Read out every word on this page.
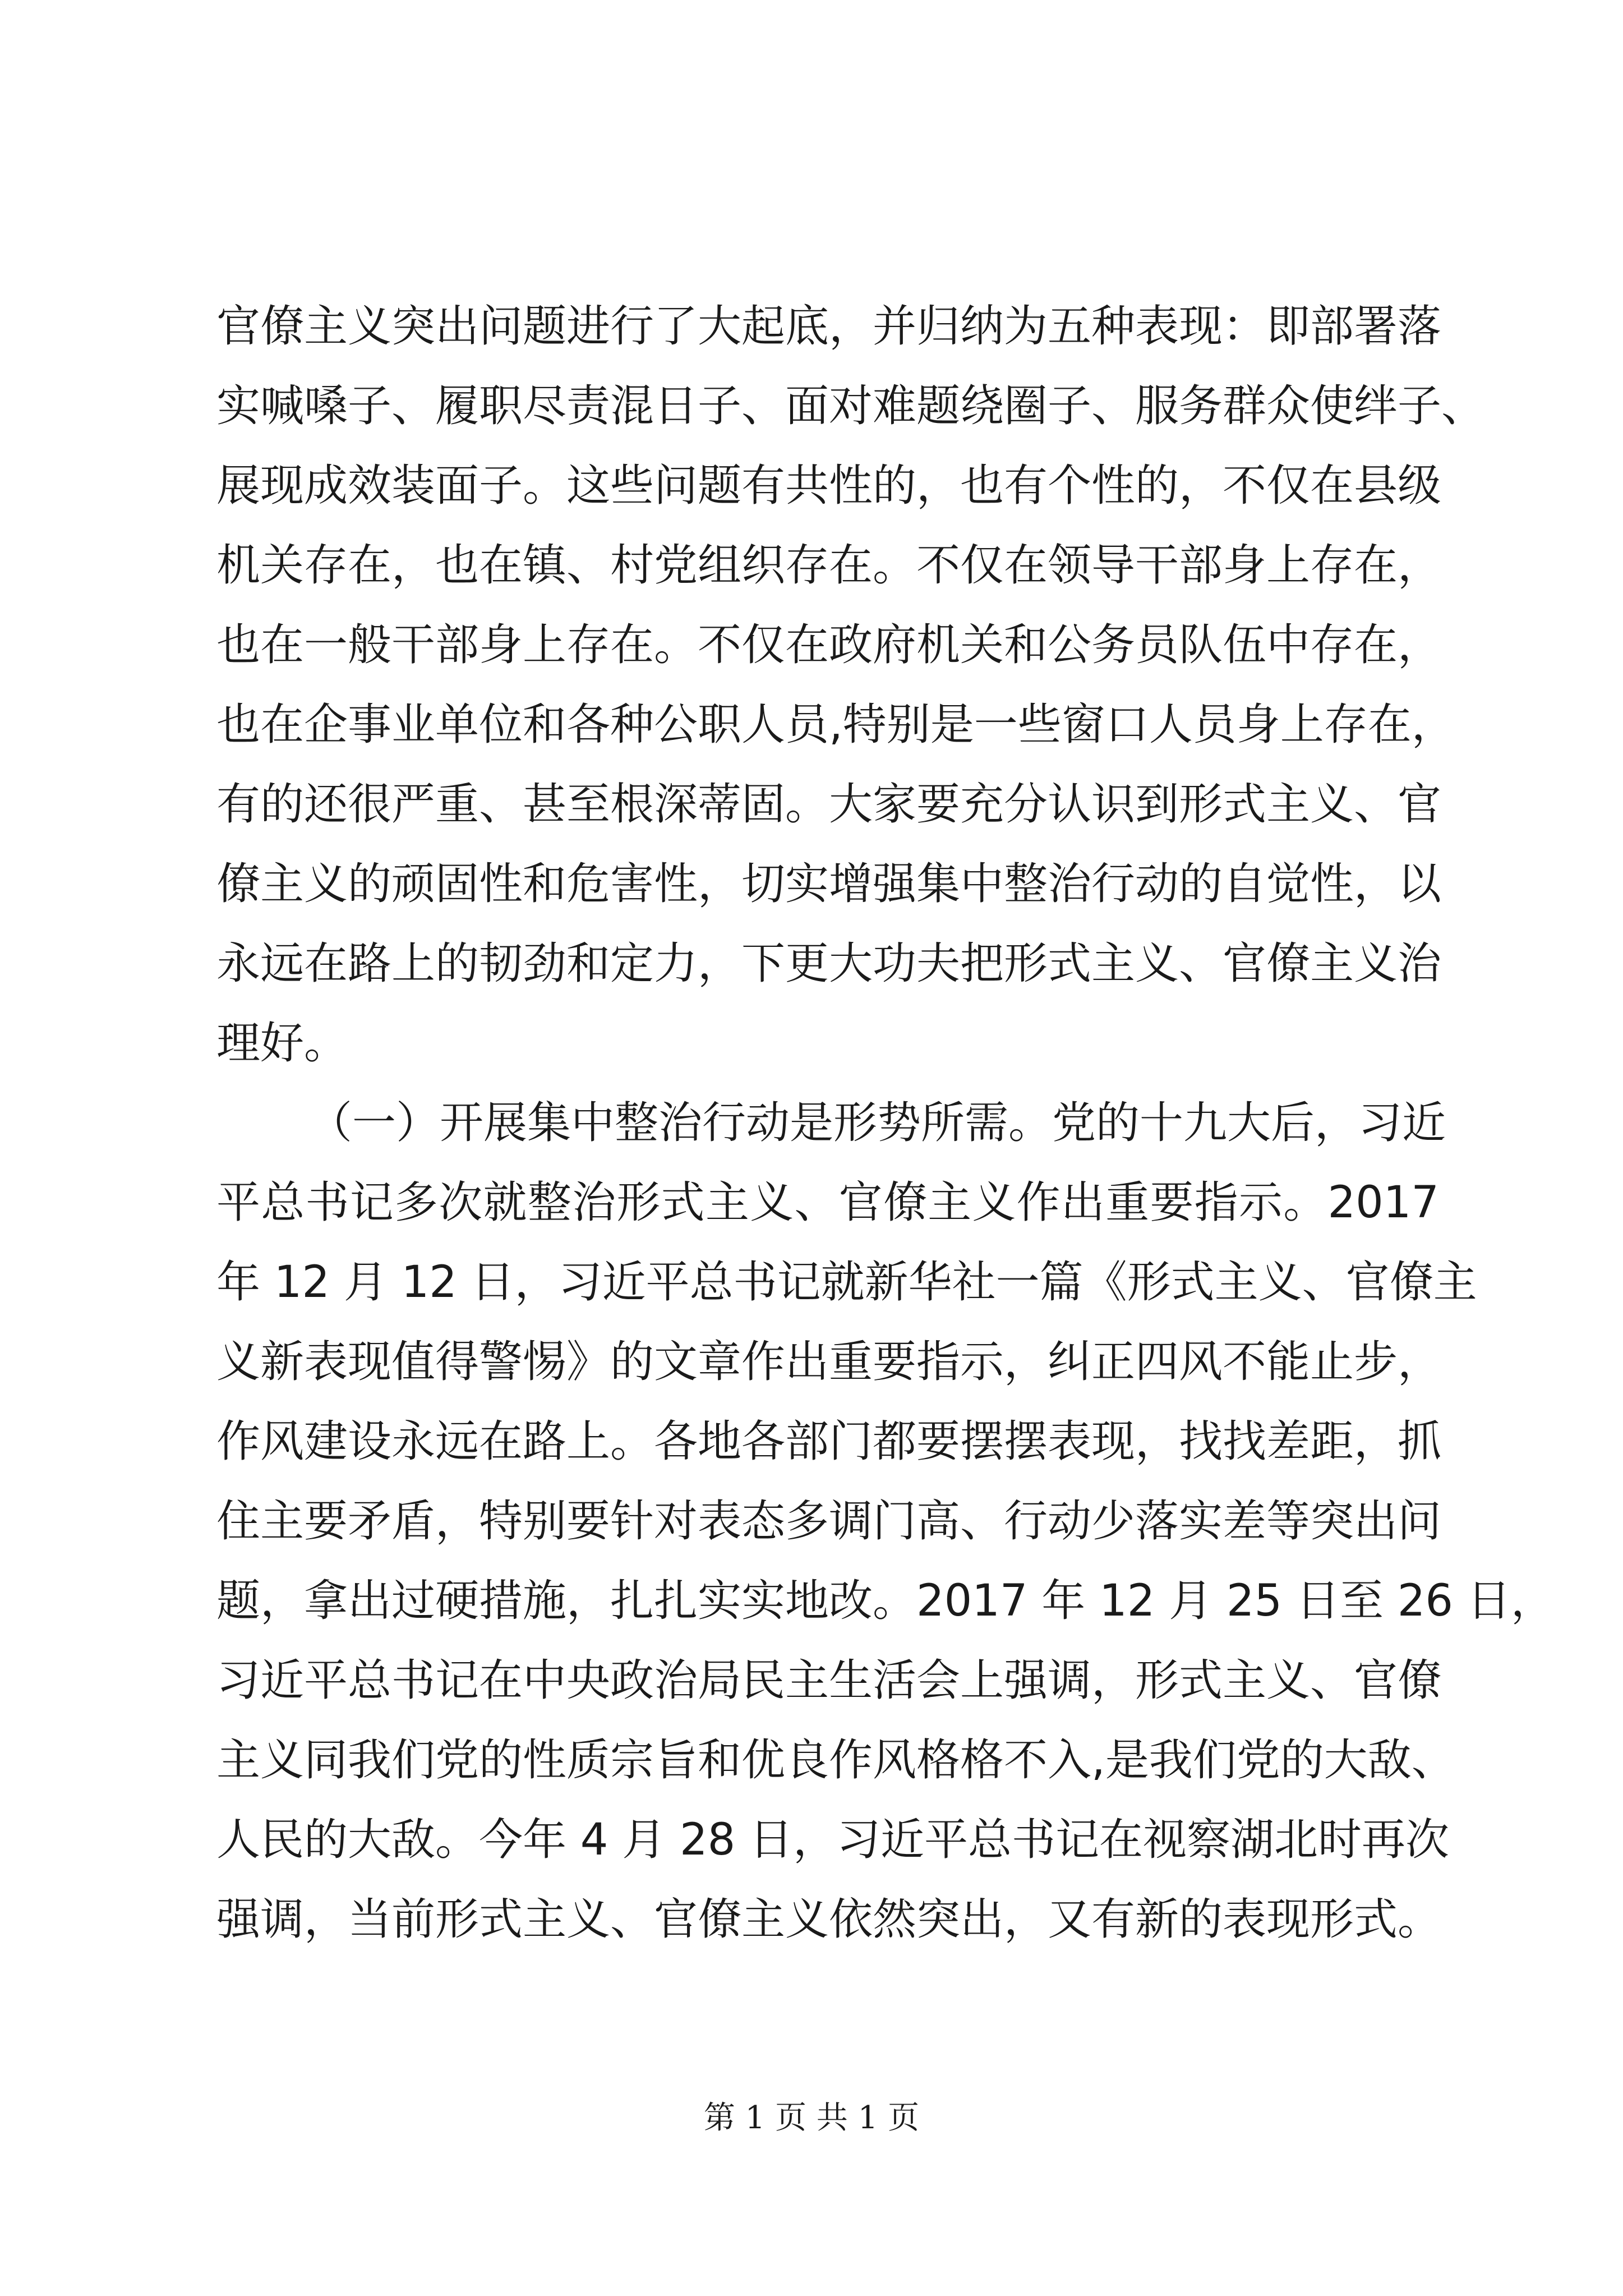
官僚主义突出问题进行了大起底，并归纳为五种表现：即部署落
实喊嗓子、履职尽责混日子、面对难题绕圈子、服务群众使绊子、
展现成效装面子。这些问题有共性的，也有个性的，不仅在县级
机关存在，也在镇、村党组织存在。不仅在领导干部身上存在，
也在一般干部身上存在。不仅在政府机关和公务员队伍中存在，
也在企事业单位和各种公职人员,特别是一些窗口人员身上存在，
有的还很严重、甚至根深蒂固。大家要充分认识到形式主义、官
僚主义的顽固性和危害性，切实增强集中整治行动的自觉性，以
永远在路上的韧劲和定力，下更大功夫把形式主义、官僚主义治
理好。
（一）开展集中整治行动是形势所需。党的十九大后，习近
平总书记多次就整治形式主义、官僚主义作出重要指示。2017
年 12 月 12 日，习近平总书记就新华社一篇《形式主义、官僚主
义新表现值得警惕》的文章作出重要指示，纠正四风不能止步，
作风建设永远在路上。各地各部门都要摆摆表现，找找差距，抓
住主要矛盾，特别要针对表态多调门高、行动少落实差等突出问
题，拿出过硬措施，扎扎实实地改。2017 年 12 月 25 日至 26 日，
习近平总书记在中央政治局民主生活会上强调，形式主义、官僚
主义同我们党的性质宗旨和优良作风格格不入,是我们党的大敌、
人民的大敌。今年 4 月 28 日，习近平总书记在视察湖北时再次
强调，当前形式主义、官僚主义依然突出，又有新的表现形式。
第 1 页 共 1 页
